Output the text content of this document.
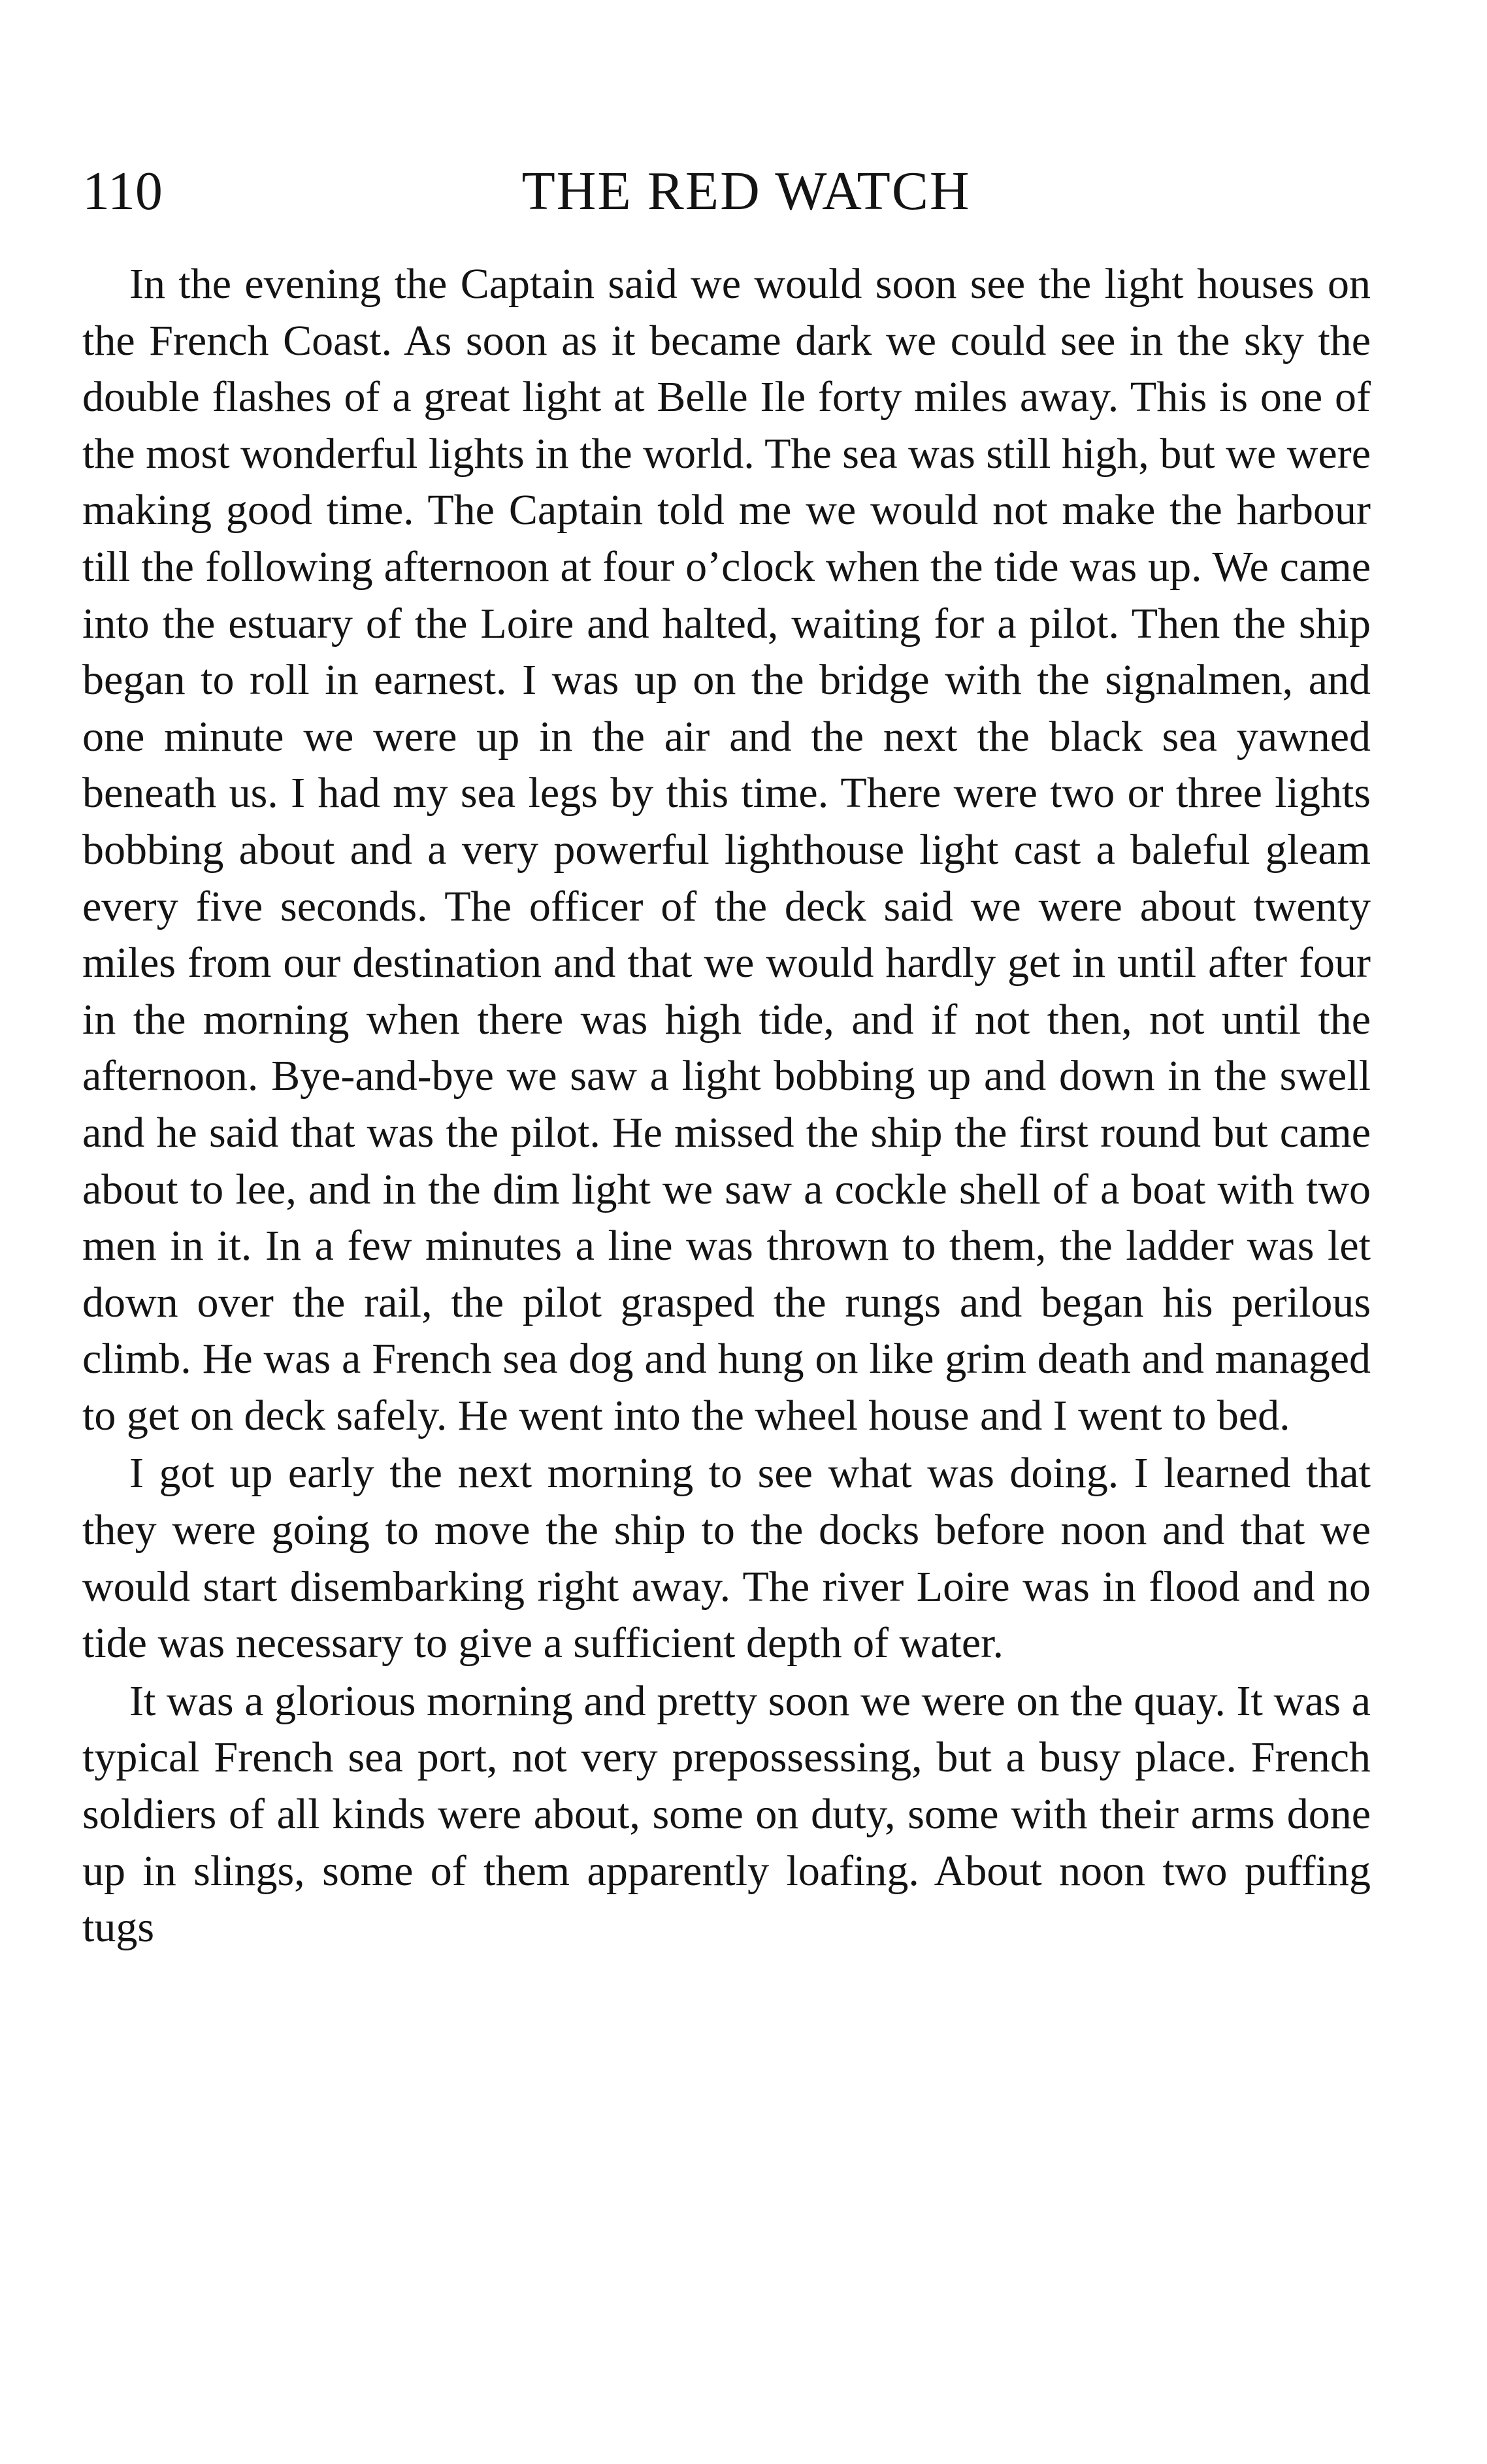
110	THE RED WATCH

In the evening the Captain said we would soon see the light houses on the French Coast. As soon as it became dark we could see in the sky the double flashes of a great light at Belle Ile forty miles away. This is one of the most wonderful lights in the world. The sea was still high, but we were making good time. The Captain told me we would not make the harbour till the following afternoon at four o’clock when the tide was up. We came into the estuary of the Loire and halted, waiting for a pilot. Then the ship began to roll in earnest. I was up on the bridge with the signalmen, and one minute we were up in the air and the next the black sea yawned beneath us. I had my sea legs by this time. There were two or three lights bobbing about and a very powerful lighthouse light cast a baleful gleam every five seconds. The officer of the deck said we were about twenty miles from our destination and that we would hardly get in until after four in the morning when there was high tide, and if not then, not until the afternoon. Bye-and-bye we saw a light bobbing up and down in the swell and he said that was the pilot. He missed the ship the first round but came about to lee, and in the dim light we saw a cockle shell of a boat with two men in it. In a few minutes a line was thrown to them, the ladder was let down over the rail, the pilot grasped the rungs and began his perilous climb. He was a French sea dog and hung on like grim death and managed to get on deck safely. He went into the wheel house and I went to bed.

I got up early the next morning to see what was doing. I learned that they were going to move the ship to the docks before noon and that we would start disembarking right away. The river Loire was in flood and no tide was necessary to give a sufficient depth of water.

It was a glorious morning and pretty soon we were on the quay. It was a typical French sea port, not very prepossessing, but a busy place. French soldiers of all kinds were about, some on duty, some with their arms done up in slings, some of them apparently loafing. About noon two puffing tugs
